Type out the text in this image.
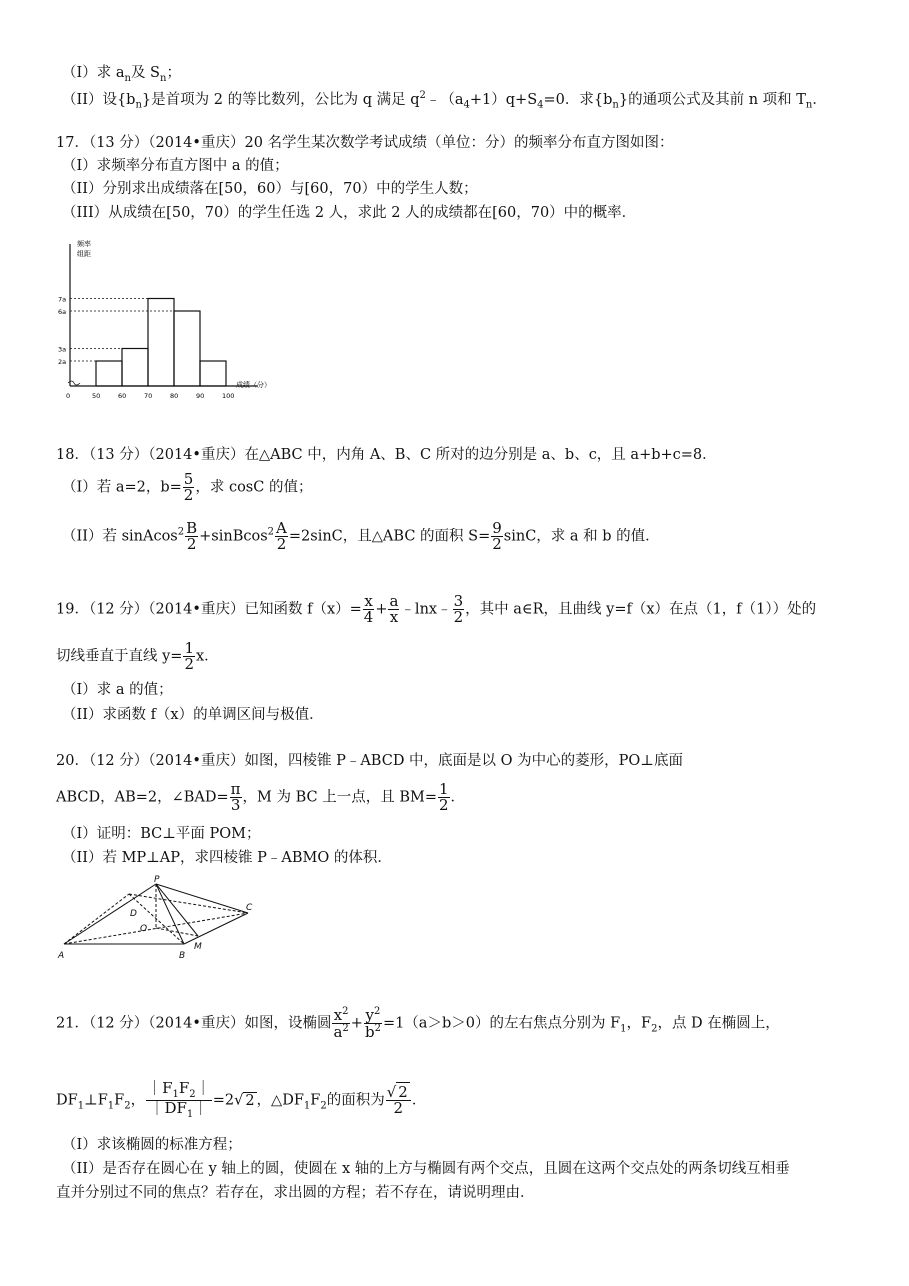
（I）求 $a_n$及 $S_n$；
（II）设$\{b_n\}$是首项为 2 的等比数列，公比为 q 满足 $q^2﹣(a_4+1)q+S_4=0$．求$\{b_n\}$的通项公式及其前 n 项和 $T_n$．
17．（13 分）（2014•重庆）20 名学生某次数学考试成绩（单位：分）的频率分布直方图如图：
（I）求频率分布直方图中 a 的值；
（II）分别求出成绩落在[50，60）与[60，70）中的学生人数；
（III）从成绩在[50，70）的学生任选 2 人，求此 2 人的成绩都在[60，70）中的概率．
频率
组距
成绩（分）
7a
6a
3a
2a
0	50	60	70	80	90	100
18．（13 分）（2014•重庆）在△ABC 中，内角 A、B、C 所对的边分别是 a、b、c，且 a+b+c=8．
（I）若 a=2，$b= \frac{5}{2}$ ，求 cosC 的值；
（II）若 sinAcos$^2$ $\frac{B}{2}$ +sinBcos$^2$ $\frac{A}{2} =2\sin C$，且△ABC 的面积 $S= \frac{9}{2}$ sinC，求 a 和 b 的值．
19．（12 分）（2014•重庆）已知函数 $f(x)= \frac{x}{4} + \frac{a}{x}$ ﹣lnx﹣ $\frac{3}{2}$ ，其中 a∈R，且曲线 y=f（x）在点（1，f（1））处的
切线垂直于直线 $y= \frac{1}{2}$ x．
（I）求 a 的值；
（II）求函数 f（x）的单调区间与极值．
20．（12 分）（2014•重庆）如图，四棱锥 P﹣ABCD 中，底面是以 O 为中心的菱形，PO⊥底面
ABCD，AB=2，∠BAD= $\frac{\pi}{3}$ ，M 为 BC 上一点，且 $BM= \frac{1}{2}$ ．
（I）证明：BC⊥平面 POM；
（II）若 MP⊥AP，求四棱锥 P﹣ABMO 的体积．
P
D
O
A	B
M
C
21．（12 分）（2014•重庆）如图，设椭圆 $\frac{x^2}{a^2} + \frac{y^2}{b^2} =1(a>b>0)$的左右焦点分别为 $F_1$，$F_2$，点 D 在椭圆上，
$DF_1\perp F_1F_2$， $\frac{|F_1F_2|}{|DF_1|} =2√$ 2 ，$\triangle DF_1F_2$的面积为 $\frac{√ 2}{2}$ ．
（I）求该椭圆的标准方程；
（II）是否存在圆心在 y 轴上的圆，使圆在 x 轴的上方与椭圆有两个交点，且圆在这两个交点处的两条切线互相垂
直并分别过不同的焦点？若存在，求出圆的方程；若不存在，请说明理由．
